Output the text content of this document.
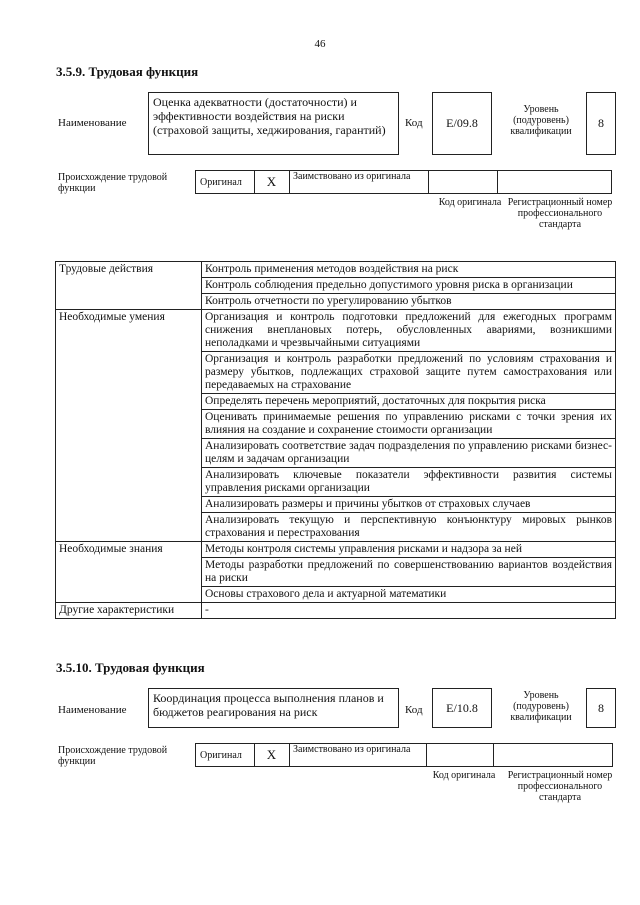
46
3.5.9. Трудовая функция
Наименование
Оценка адекватности (достаточности) и эффективности воздействия на риски (страховой защиты, хеджирования, гарантий)	Код	E/09.8
Уровень (подуровень) квалификации
8
Происхождение трудовой функции
Оригинал	X	Заимствовано из оригинала
Код оригинала Регистрационный номер профессионального стандарта
Трудовые действия	Контроль применения методов воздействия на риск
	Контроль соблюдения предельно допустимого уровня риска в организации
	Контроль отчетности по урегулированию убытков
Необходимые умения	Организация и контроль подготовки предложений для ежегодных программ снижения внеплановых потерь, обусловленных авариями, возникшими неполадками и чрезвычайными ситуациями
	Организация и контроль разработки предложений по условиям страхования и размеру убытков, подлежащих страховой защите путем самострахования или передаваемых на страхование
	Определять перечень мероприятий, достаточных для покрытия риска
	Оценивать принимаемые решения по управлению рисками с точки зрения их влияния на создание и сохранение стоимости организации
	Анализировать соответствие задач подразделения по управлению рисками бизнес-целям и задачам организации
	Анализировать ключевые показатели эффективности развития системы управления рисками организации
	Анализировать размеры и причины убытков от страховых случаев
	Анализировать текущую и перспективную конъюнктуру мировых рынков страхования и перестрахования
Необходимые знания	Методы контроля системы управления рисками и надзора за ней
	Методы разработки предложений по совершенствованию вариантов воздействия на риски
	Основы страхового дела и актуарной математики
Другие характеристики	-
3.5.10. Трудовая функция
Наименование
Координация процесса выполнения планов и бюджетов реагирования на риск	Код	E/10.8
Уровень (подуровень) квалификации
8
Происхождение трудовой функции
Оригинал	X	Заимствовано из оригинала
Код оригинала Регистрационный номер профессионального стандарта
